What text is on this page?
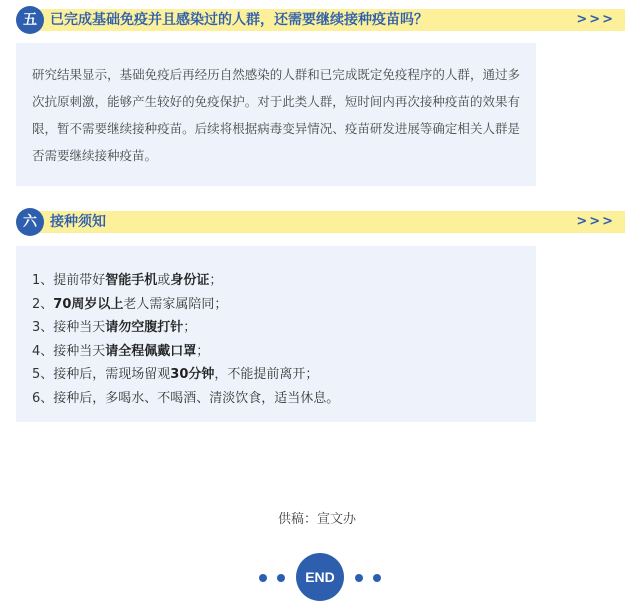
五 已完成基础免疫并且感染过的人群，还需要继续接种疫苗吗？	>>>

研究结果显示，基础免疫后再经历自然感染的人群和已完成既定免疫程序的人群，通过多次抗原刺激，能够产生较好的免疫保护。对于此类人群，短时间内再次接种疫苗的效果有限，暂不需要继续接种疫苗。后续将根据病毒变异情况、疫苗研发进展等确定相关人群是否需要继续接种疫苗。

六 接种须知	>>>
1、提前带好智能手机或身份证；
2、70周岁以上老人需家属陪同；
3、接种当天请勿空腹打针；
4、接种当天请全程佩戴口罩；
5、接种后，需现场留观30分钟，不能提前离开；
6、接种后，多喝水、不喝酒、清淡饮食，适当休息。
供稿：宣文办
END
